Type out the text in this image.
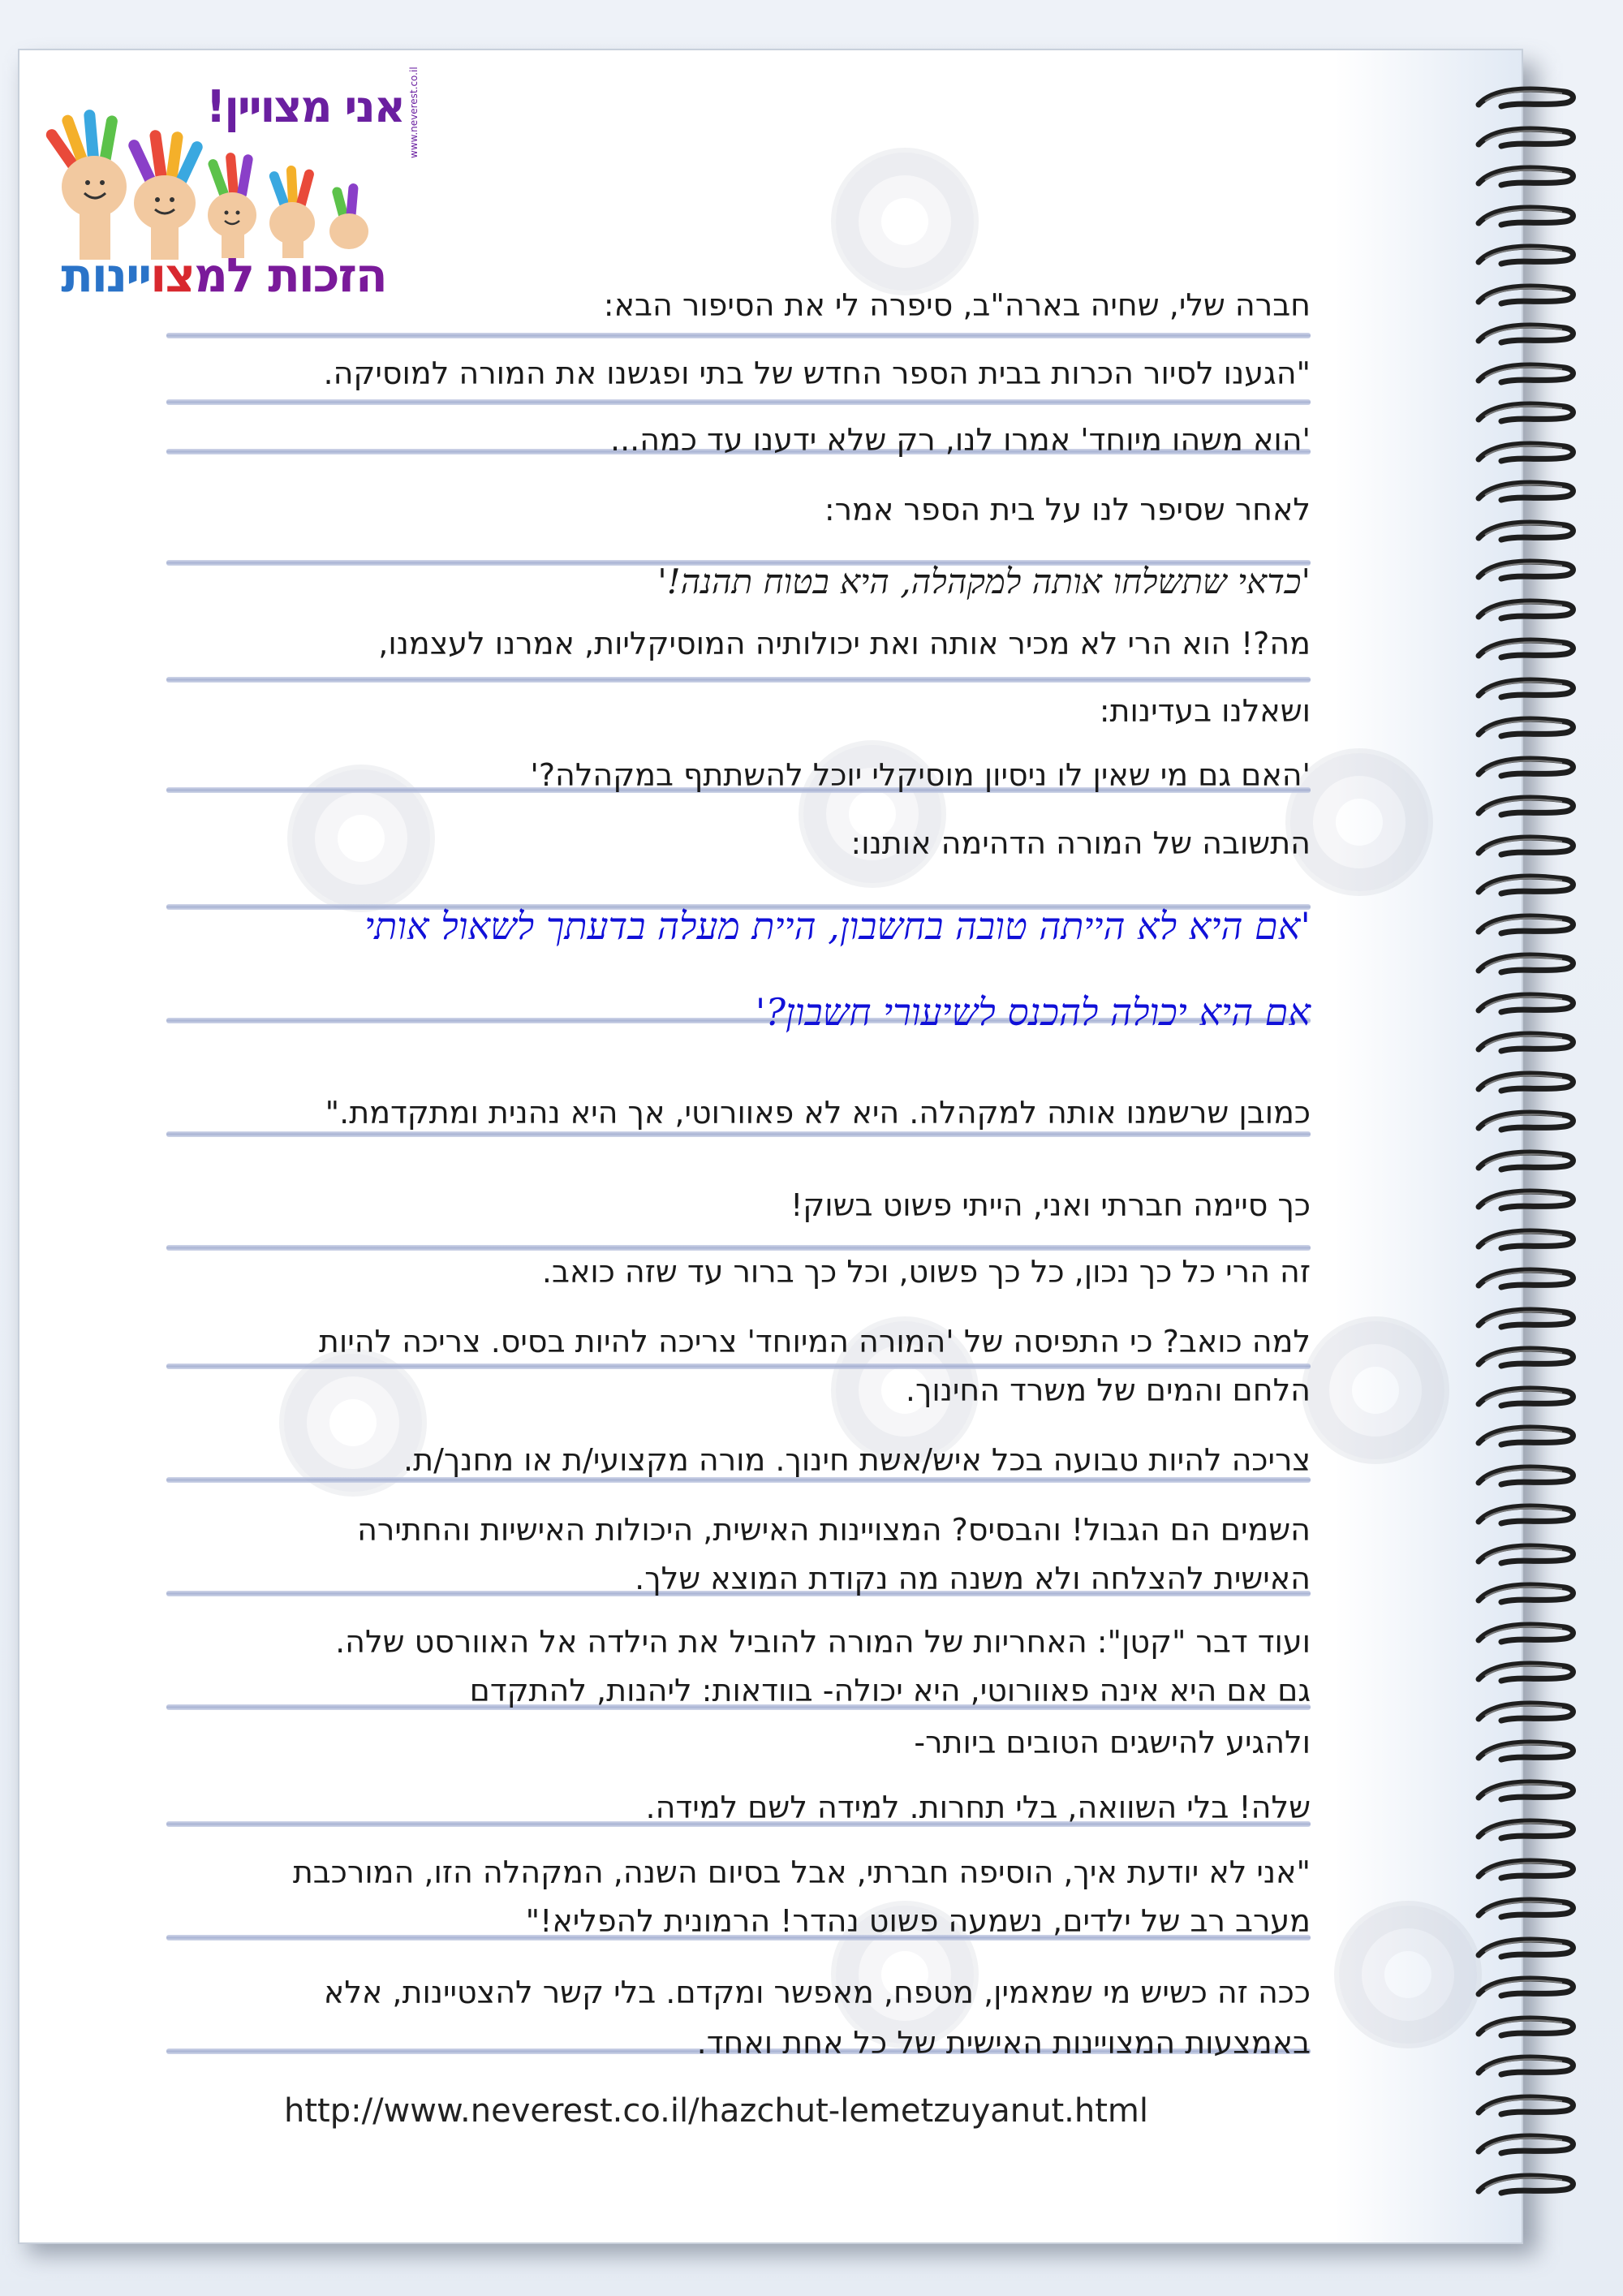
אני מצויין!
הזכות למצויינות
www.neverest.co.il
חברה שלי, שחיה בארה"ב, סיפרה לי את הסיפור הבא:
"הגענו לסיור הכרות בבית הספר החדש של בתי ופגשנו את המורה למוסיקה.
'הוא משהו מיוחד' אמרו לנו, רק שלא ידענו עד כמה...
לאחר שסיפר לנו על בית הספר אמר:
'כדאי שתשלחו אותה למקהלה, היא בטוח תהנה!'
מה?! הוא הרי לא מכיר אותה ואת יכולותיה המוסיקליות, אמרנו לעצמנו,
ושאלנו בעדינות:
'האם גם מי שאין לו ניסיון מוסיקלי יוכל להשתתף במקהלה?'
התשובה של המורה הדהימה אותנו:
'אם היא לא הייתה טובה בחשבון, היית מעלה בדעתך לשאול אותי
אם היא יכולה להכנס לשיעורי חשבון?'
כמובן שרשמנו אותה למקהלה. היא לא פאוורוטי, אך היא נהנית ומתקדמת."
כך סיימה חברתי ואני, הייתי פשוט בשוק!
זה הרי כל כך נכון, כל כך פשוט, וכל כך ברור עד שזה כואב.
למה כואב? כי התפיסה של 'המורה המיוחד' צריכה להיות בסיס. צריכה להיות
הלחם והמים של משרד החינוך.
צריכה להיות טבועה בכל איש/אשת חינוך. מורה מקצועי/ת או מחנך/ת.
השמים הם הגבול! והבסיס? המצויינות האישית, היכולות האישיות והחתירה
האישית להצלחה ולא משנה מה נקודת המוצא שלך.
ועוד דבר "קטן": האחריות של המורה להוביל את הילדה אל האוורסט שלה.
גם אם היא אינה פאוורוטי, היא יכולה- בוודאות: ליהנות, להתקדם
ולהגיע להישגים הטובים ביותר-
שלה! בלי השוואה, בלי תחרות. למידה לשם למידה.
"אני לא יודעת איך, הוסיפה חברתי, אבל בסיום השנה, המקהלה הזו, המורכבת
מערב רב של ילדים, נשמעה פשוט נהדר! הרמונית להפליא!"
ככה זה כשיש מי שמאמין, מטפח, מאפשר ומקדם. בלי קשר להצטיינות, אלא
באמצעות המצויינות האישית של כל אחת ואחד.
http://www.neverest.co.il/hazchut-lemetzuyanut.html
